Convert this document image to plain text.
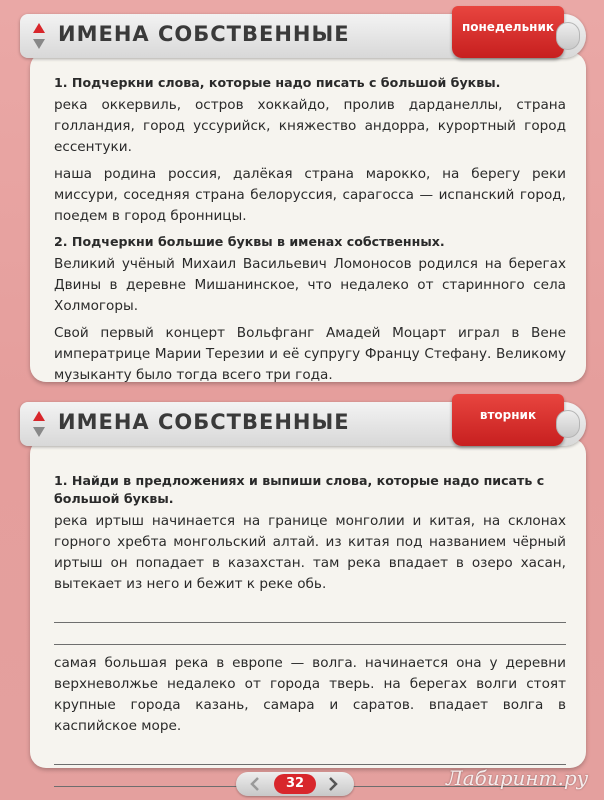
1. Подчеркни слова, которые надо писать с большой буквы.
река оккервиль, остров хоккайдо, пролив дарданеллы, страна голландия, город уссурийск, княжество андорра, курортный город ессентуки.
наша родина россия, далёкая страна марокко, на берегу реки миссури, соседняя страна белоруссия, сарагосса — испанский город, поедем в город бронницы.
2. Подчеркни большие буквы в именах собственных.
Великий учёный Михаил Васильевич Ломоносов родился на берегах Двины в деревне Мишанинское, что недалеко от старинного села Холмогоры.
Свой первый концерт Вольфганг Амадей Моцарт играл в Вене императрице Марии Терезии и её супругу Францу Стефану. Великому музыканту было тогда всего три года.
ИМЕНА СОБСТВЕННЫЕ	понедельник
1. Найди в предложениях и выпиши слова, которые надо писать с большой буквы.
река иртыш начинается на границе монголии и китая, на склонах горного хребта монгольский алтай. из китая под названием чёрный иртыш он попадает в казахстан. там река впадает в озеро хасан, вытекает из него и бежит к реке обь.
самая большая река в европе — волга. начинается она у деревни верхневолжье недалеко от города тверь. на берегах волги стоят крупные города казань, самара и саратов. впадает волга в каспийское море.
ИМЕНА СОБСТВЕННЫЕ	вторник
32	Лабиринт.ру
